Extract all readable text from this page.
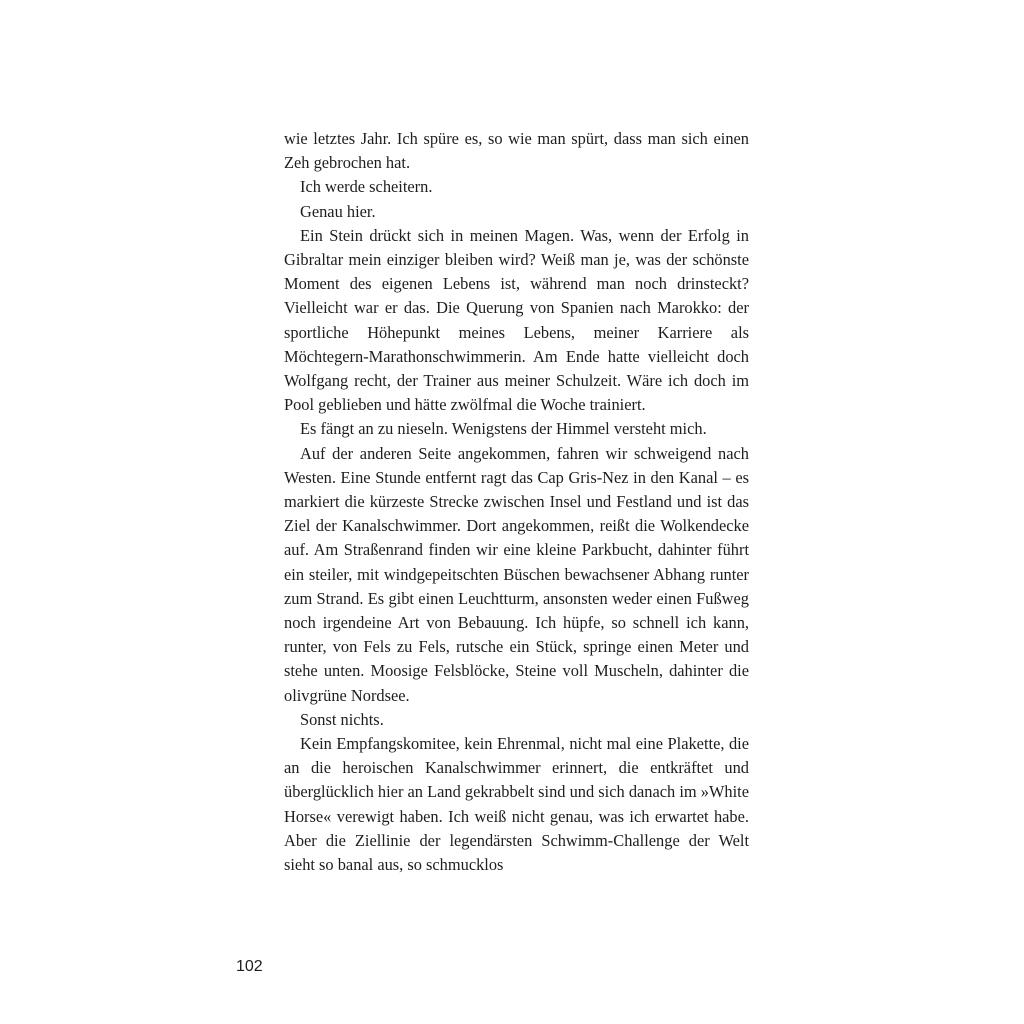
wie letztes Jahr. Ich spüre es, so wie man spürt, dass man sich einen Zeh gebrochen hat.

Ich werde scheitern.

Genau hier.

Ein Stein drückt sich in meinen Magen. Was, wenn der Erfolg in Gibraltar mein einziger bleiben wird? Weiß man je, was der schönste Moment des eigenen Lebens ist, während man noch drinsteckt? Vielleicht war er das. Die Querung von Spanien nach Marokko: der sportliche Höhepunkt meines Lebens, meiner Karriere als Möchtegern-Marathonschwimmerin. Am Ende hatte vielleicht doch Wolfgang recht, der Trainer aus meiner Schulzeit. Wäre ich doch im Pool geblieben und hätte zwölfmal die Woche trainiert.

Es fängt an zu nieseln. Wenigstens der Himmel versteht mich.

Auf der anderen Seite angekommen, fahren wir schweigend nach Westen. Eine Stunde entfernt ragt das Cap Gris-Nez in den Kanal – es markiert die kürzeste Strecke zwischen Insel und Festland und ist das Ziel der Kanalschwimmer. Dort angekommen, reißt die Wolkendecke auf. Am Straßenrand finden wir eine kleine Parkbucht, dahinter führt ein steiler, mit windgepeitschten Büschen bewachsener Abhang runter zum Strand. Es gibt einen Leuchtturm, ansonsten weder einen Fußweg noch irgendeine Art von Bebauung. Ich hüpfe, so schnell ich kann, runter, von Fels zu Fels, rutsche ein Stück, springe einen Meter und stehe unten. Moosige Felsblöcke, Steine voll Muscheln, dahinter die olivgrüne Nordsee.

Sonst nichts.

Kein Empfangskomitee, kein Ehrenmal, nicht mal eine Plakette, die an die heroischen Kanalschwimmer erinnert, die entkräftet und überglücklich hier an Land gekrabbelt sind und sich danach im »White Horse« verewigt haben. Ich weiß nicht genau, was ich erwartet habe. Aber die Ziellinie der legendärsten Schwimm-Challenge der Welt sieht so banal aus, so schmucklos

102
